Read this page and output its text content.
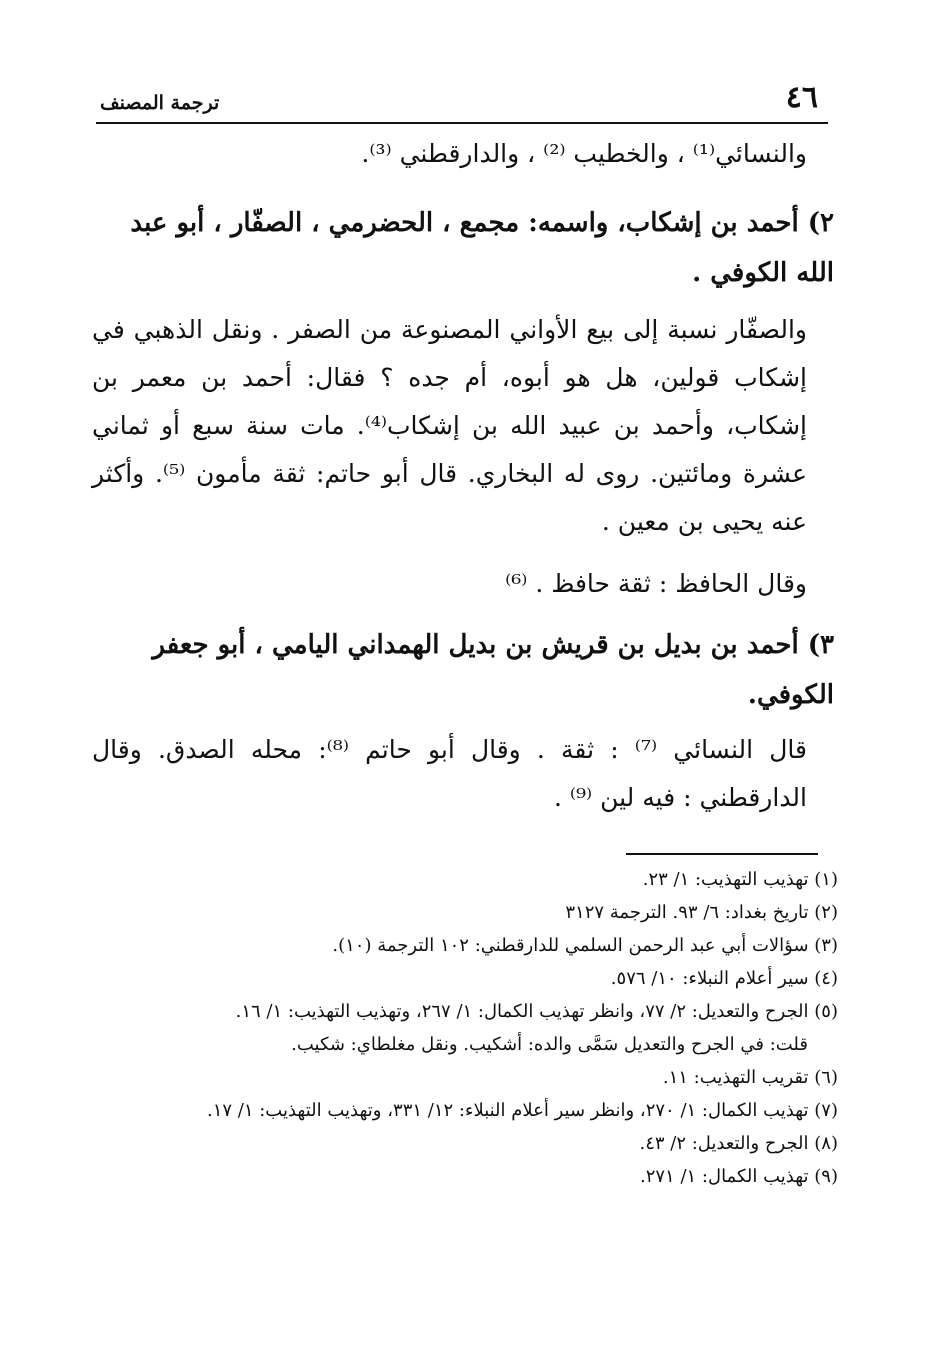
ترجمة المصنف	٤٦

والنسائي⁽¹⁾ ، والخطيب ⁽²⁾ ، والدارقطني ⁽³⁾.

٢) أحمد بن إشكاب، واسمه: مجمع ، الحضرمي ، الصفّار ، أبو عبد الله الكوفي .

والصفّار نسبة إلى بيع الأواني المصنوعة من الصفر . ونقل الذهبي في إشكاب قولين، هل هو أبوه، أم جده ؟ فقال: أحمد بن معمر بن إشكاب، وأحمد بن عبيد الله بن إشكاب⁽⁴⁾. مات سنة سبع أو ثماني عشرة ومائتين. روى له البخاري. قال أبو حاتم: ثقة مأمون ⁽⁵⁾. وأكثر عنه يحيى بن معين .

وقال الحافظ : ثقة حافظ . ⁽⁶⁾

٣) أحمد بن بديل بن قريش بن بديل الهمداني اليامي ، أبو جعفر الكوفي.

قال النسائي ⁽⁷⁾ : ثقة . وقال أبو حاتم ⁽⁸⁾: محله الصدق. وقال الدارقطني : فيه لين ⁽⁹⁾ .

(١) تهذيب التهذيب: ١/ ٢٣.
(٢) تاريخ بغداد: ٦/ ٩٣. الترجمة ٣١٢٧
(٣) سؤالات أبي عبد الرحمن السلمي للدارقطني: ١٠٢ الترجمة (١٠).
(٤) سير أعلام النبلاء: ١٠/ ٥٧٦.
(٥) الجرح والتعديل: ٢/ ٧٧، وانظر تهذيب الكمال: ١/ ٢٦٧، وتهذيب التهذيب: ١/ ١٦.
قلت: في الجرح والتعديل سَمَّى والده: أشكيب. ونقل مغلطاي: شكيب.
(٦) تقريب التهذيب: ١١.
(٧) تهذيب الكمال: ١/ ٢٧٠، وانظر سير أعلام النبلاء: ١٢/ ٣٣١، وتهذيب التهذيب: ١/ ١٧.
(٨) الجرح والتعديل: ٢/ ٤٣.
(٩) تهذيب الكمال: ١/ ٢٧١.
